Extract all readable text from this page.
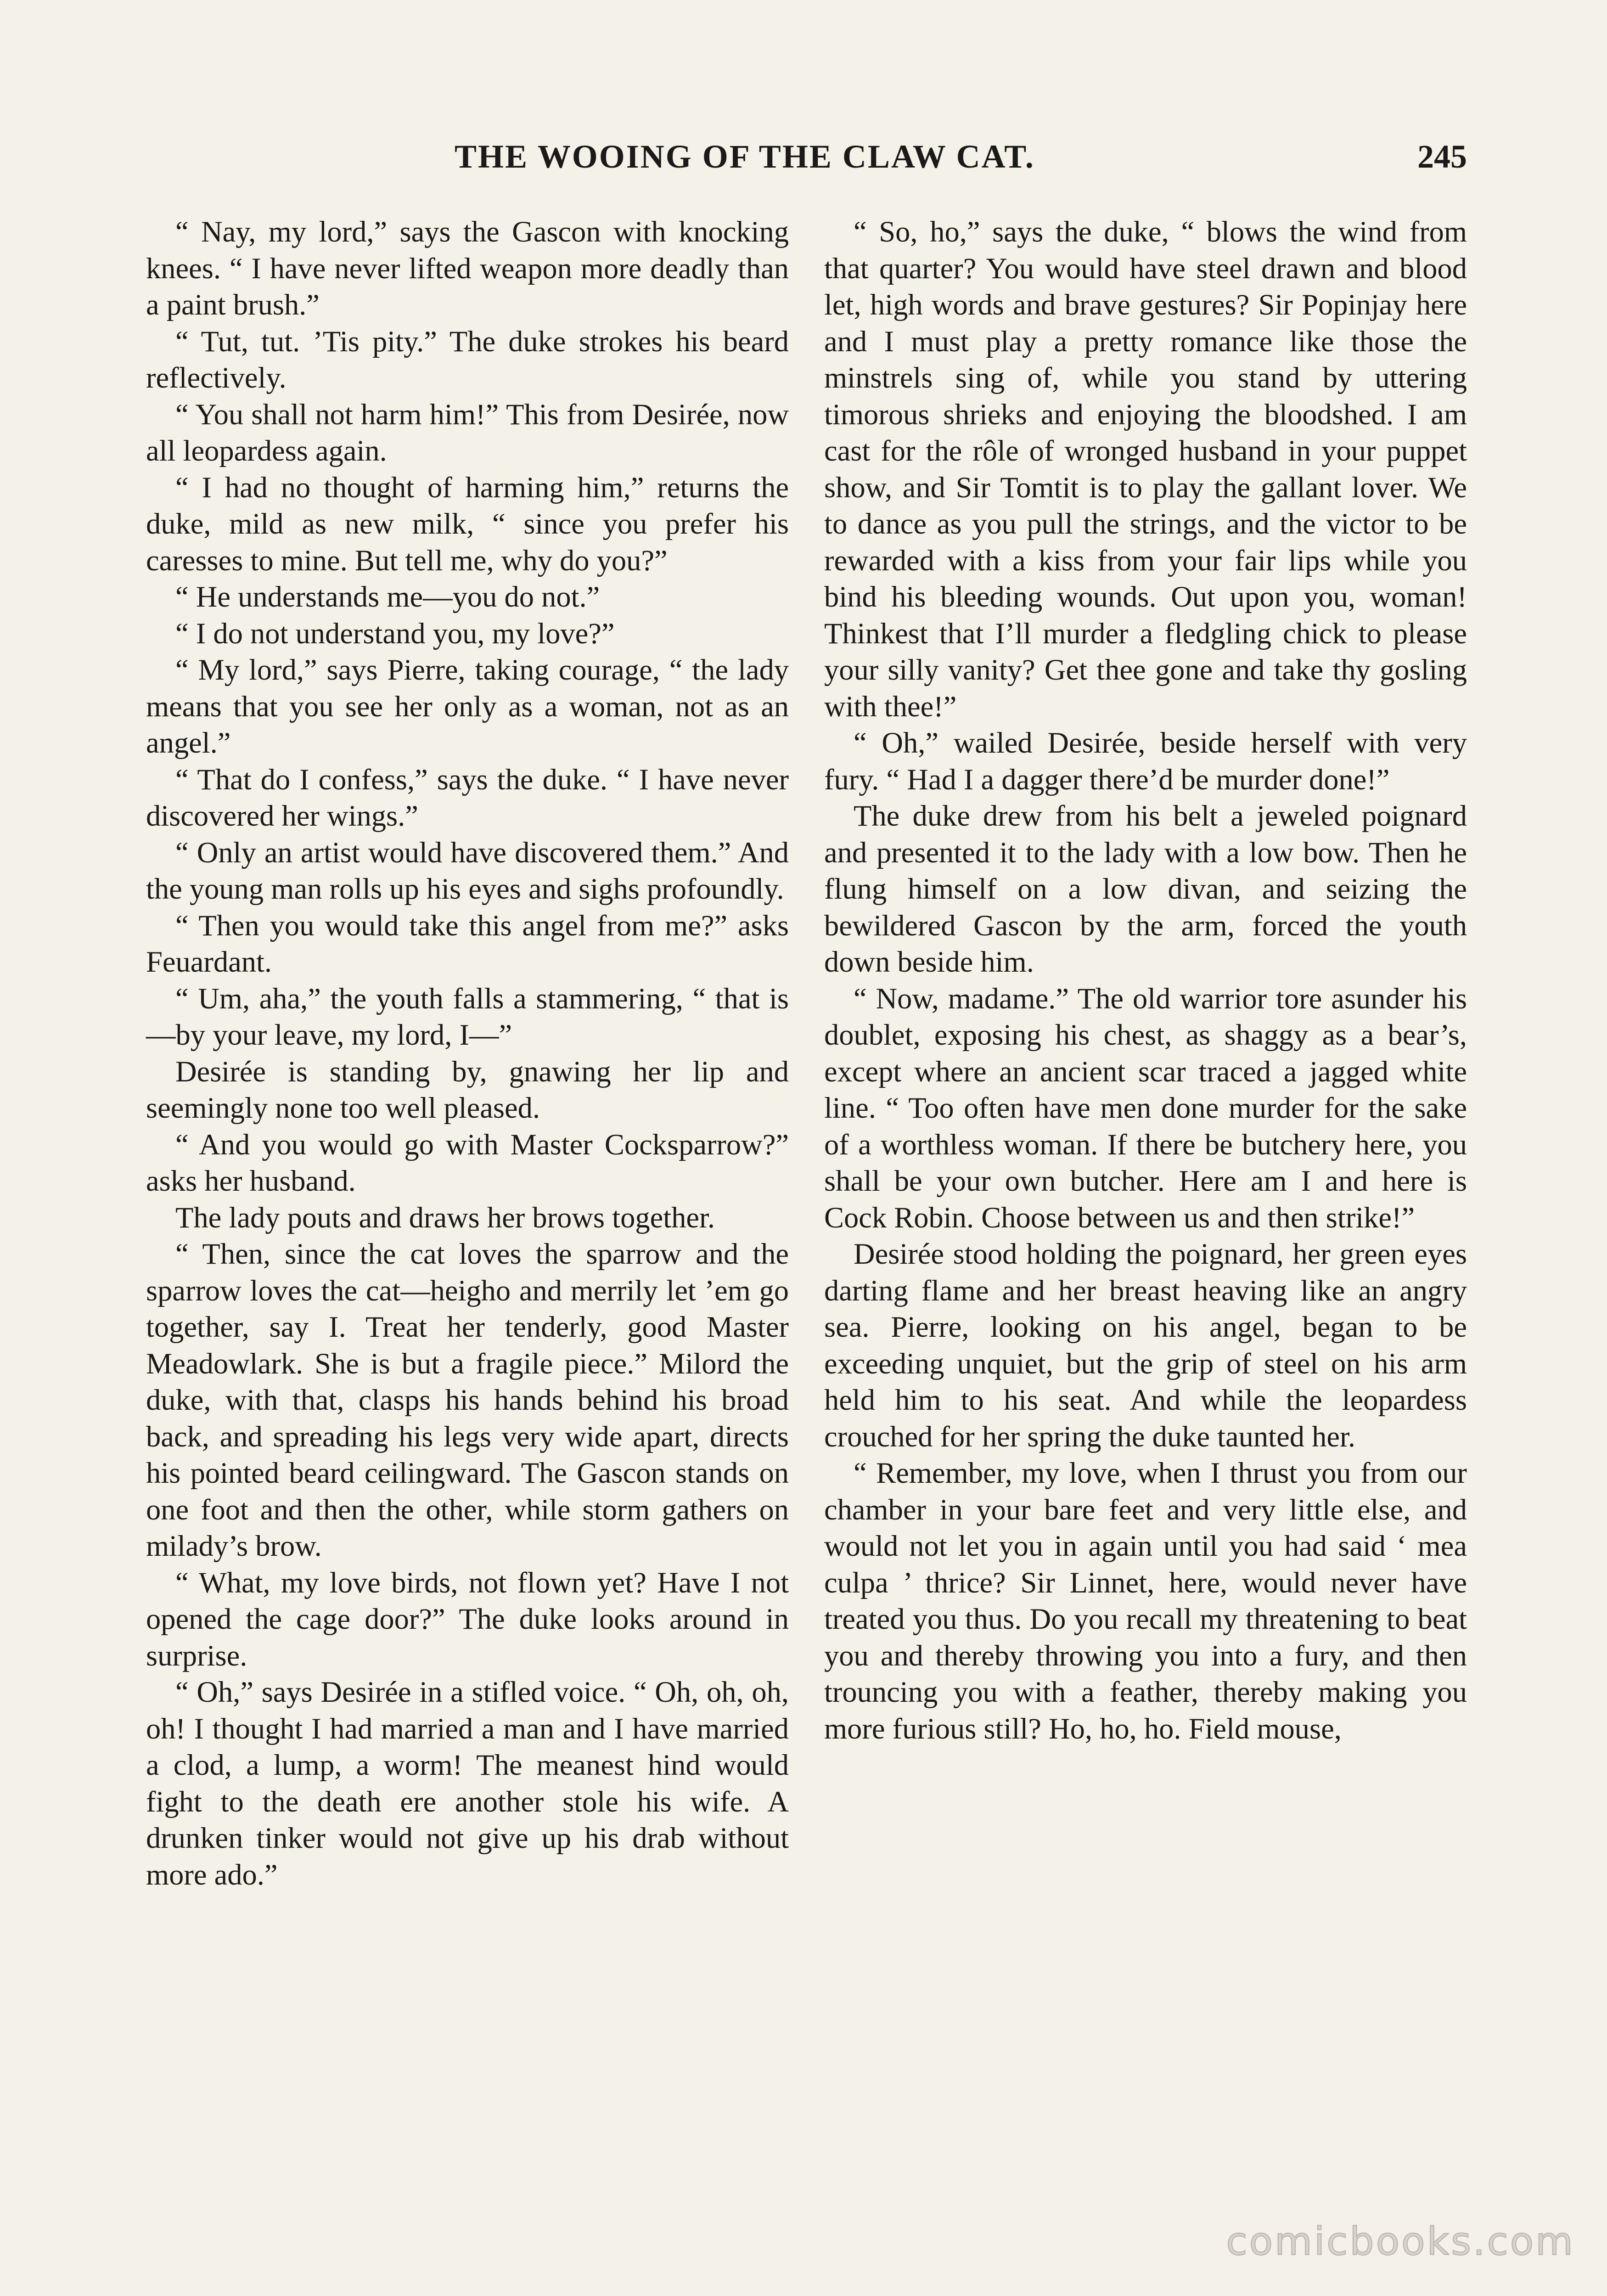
THE WOOING OF THE CLAW CAT.	245

“ Nay, my lord,” says the Gascon with knocking knees. “ I have never lifted weapon more deadly than a paint brush.”

“ Tut, tut. ’Tis pity.” The duke strokes his beard reflectively.

“ You shall not harm him!” This from Desirée, now all leopardess again.

“ I had no thought of harming him,” returns the duke, mild as new milk, “ since you prefer his caresses to mine. But tell me, why do you?”

“ He understands me—you do not.”

“ I do not understand you, my love?”

“ My lord,” says Pierre, taking courage, “ the lady means that you see her only as a woman, not as an angel.”

“ That do I confess,” says the duke. “ I have never discovered her wings.”

“ Only an artist would have discovered them.” And the young man rolls up his eyes and sighs profoundly.

“ Then you would take this angel from me?” asks Feuardant.

“ Um, aha,” the youth falls a stammering, “ that is—by your leave, my lord, I—”

Desirée is standing by, gnawing her lip and seemingly none too well pleased.

“ And you would go with Master Cocksparrow?” asks her husband.

The lady pouts and draws her brows together.

“ Then, since the cat loves the sparrow and the sparrow loves the cat—heigho and merrily let ’em go together, say I. Treat her tenderly, good Master Meadowlark. She is but a fragile piece.” Milord the duke, with that, clasps his hands behind his broad back, and spreading his legs very wide apart, directs his pointed beard ceilingward. The Gascon stands on one foot and then the other, while storm gathers on milady’s brow.

“ What, my love birds, not flown yet? Have I not opened the cage door?” The duke looks around in surprise.

“ Oh,” says Desirée in a stifled voice. “ Oh, oh, oh, oh! I thought I had married a man and I have married a clod, a lump, a worm! The meanest hind would fight to the death ere another stole his wife. A drunken tinker would not give up his drab without more ado.”

“ So, ho,” says the duke, “ blows the wind from that quarter? You would have steel drawn and blood let, high words and brave gestures? Sir Popinjay here and I must play a pretty romance like those the minstrels sing of, while you stand by uttering timorous shrieks and enjoying the bloodshed. I am cast for the rôle of wronged husband in your puppet show, and Sir Tomtit is to play the gallant lover. We to dance as you pull the strings, and the victor to be rewarded with a kiss from your fair lips while you bind his bleeding wounds. Out upon you, woman! Thinkest that I’ll murder a fledgling chick to please your silly vanity? Get thee gone and take thy gosling with thee!”

“ Oh,” wailed Desirée, beside herself with very fury. “ Had I a dagger there’d be murder done!”

The duke drew from his belt a jeweled poignard and presented it to the lady with a low bow. Then he flung himself on a low divan, and seizing the bewildered Gascon by the arm, forced the youth down beside him.

“ Now, madame.” The old warrior tore asunder his doublet, exposing his chest, as shaggy as a bear’s, except where an ancient scar traced a jagged white line. “ Too often have men done murder for the sake of a worthless woman. If there be butchery here, you shall be your own butcher. Here am I and here is Cock Robin. Choose between us and then strike!”

Desirée stood holding the poignard, her green eyes darting flame and her breast heaving like an angry sea. Pierre, looking on his angel, began to be exceeding unquiet, but the grip of steel on his arm held him to his seat. And while the leopardess crouched for her spring the duke taunted her.

“ Remember, my love, when I thrust you from our chamber in your bare feet and very little else, and would not let you in again until you had said ‘ mea culpa ’ thrice? Sir Linnet, here, would never have treated you thus. Do you recall my threatening to beat you and thereby throwing you into a fury, and then trouncing you with a feather, thereby making you more furious still? Ho, ho, ho. Field mouse,

comicbooks.com
